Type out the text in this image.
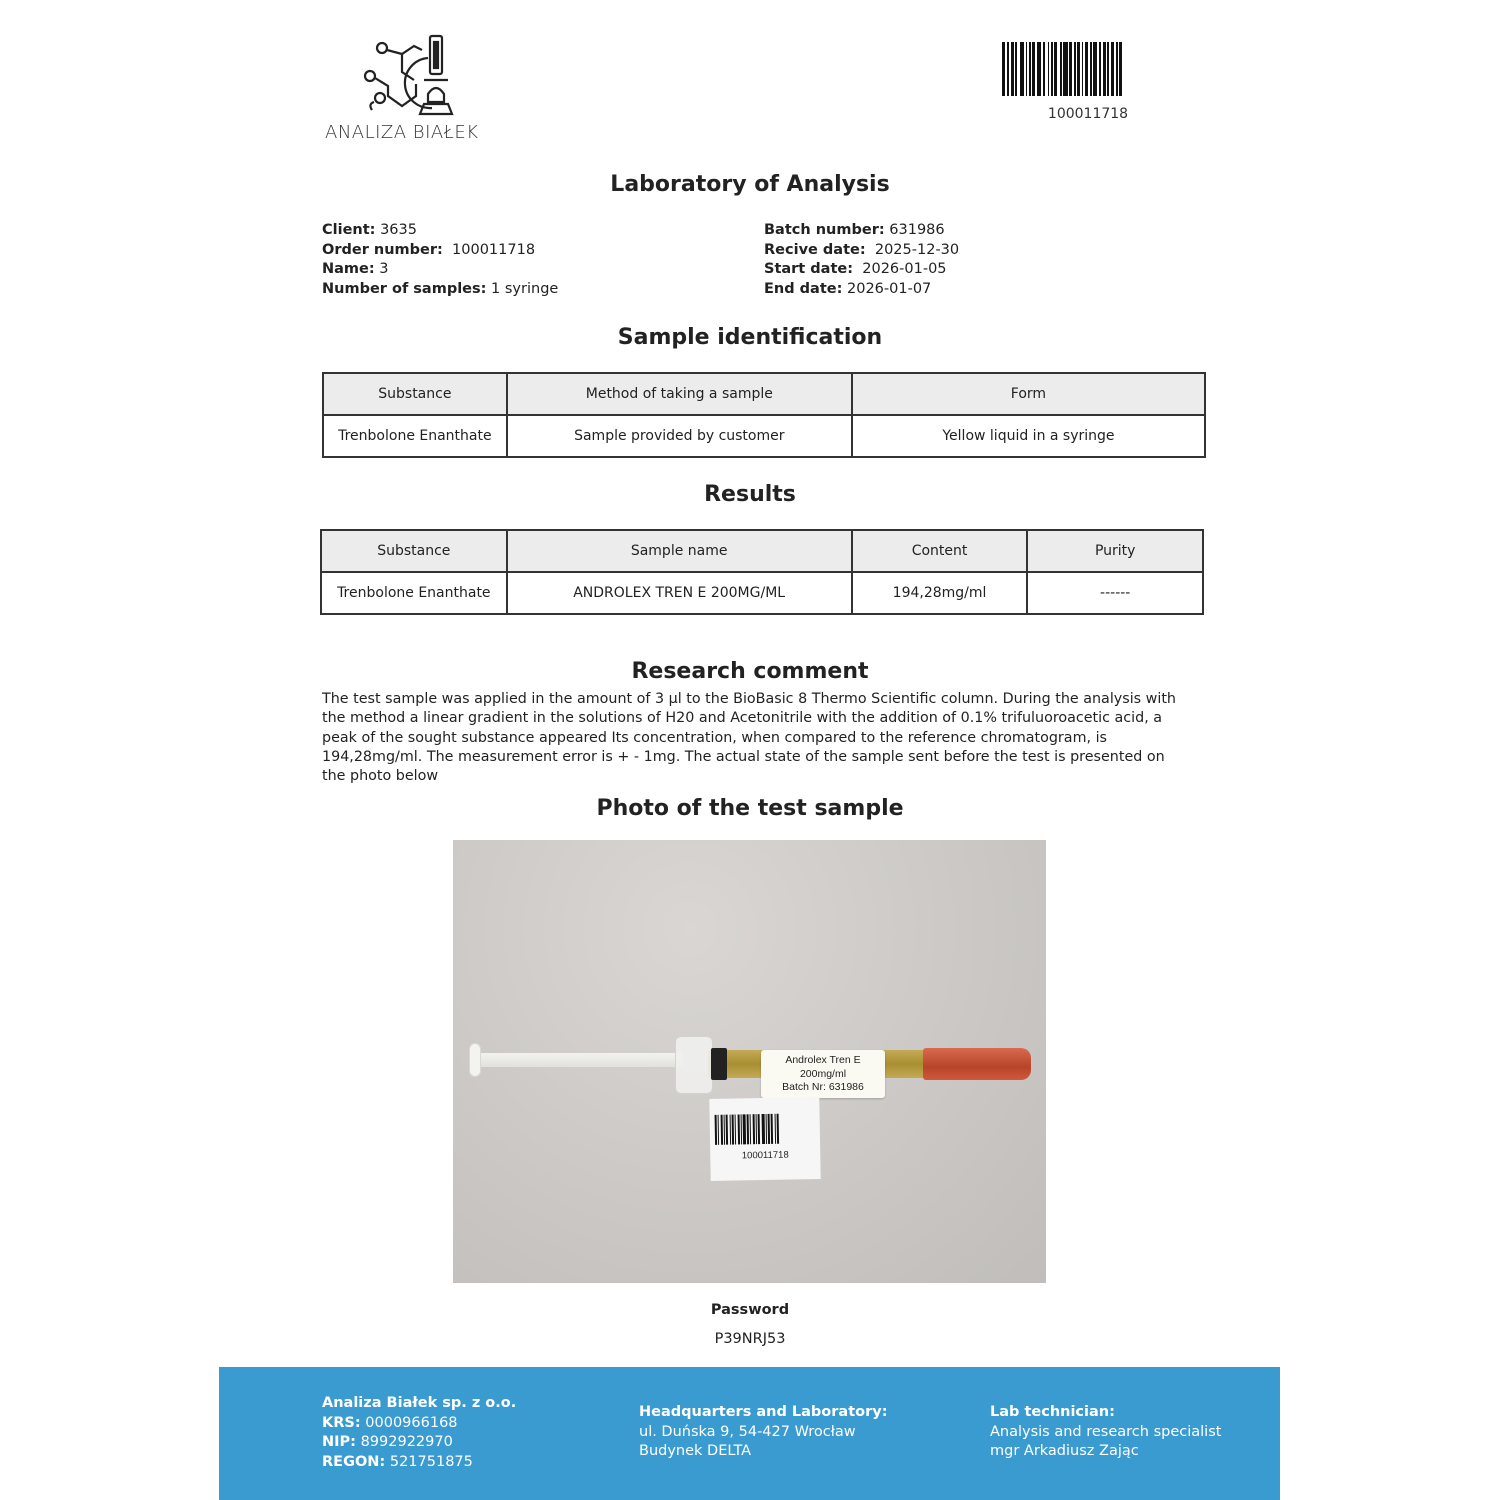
ANALIZA BIAŁEK
100011718
Laboratory of Analysis
Client: 3635
Order number: 100011718
Name: 3
Number of samples: 1 syringe
Batch number: 631986
Recive date: 2025-12-30
Start date: 2026-01-05
End date: 2026-01-07
Sample identification
Substance	Method of taking a sample	Form
Trenbolone Enanthate	Sample provided by customer	Yellow liquid in a syringe
Results
Substance	Sample name	Content	Purity
Trenbolone Enanthate	ANDROLEX TREN E 200MG/ML	194,28mg/ml	------
Research comment
The test sample was applied in the amount of 3 µl to the BioBasic 8 Thermo Scientific column. During the analysis with the method a linear gradient in the solutions of H20 and Acetonitrile with the addition of 0.1% trifuluoroacetic acid, a peak of the sought substance appeared Its concentration, when compared to the reference chromatogram, is 194,28mg/ml. The measurement error is + - 1mg. The actual state of the sample sent before the test is presented on the photo below
Photo of the test sample
Androlex Tren E
200mg/ml
Batch Nr: 631986
100011718
Password
P39NRJ53
Analiza Białek sp. z o.o.
KRS: 0000966168
NIP: 8992922970
REGON: 521751875
Headquarters and Laboratory:
ul. Duńska 9, 54-427 Wrocław
Budynek DELTA
Lab technician:
Analysis and research specialist
mgr Arkadiusz Zając
